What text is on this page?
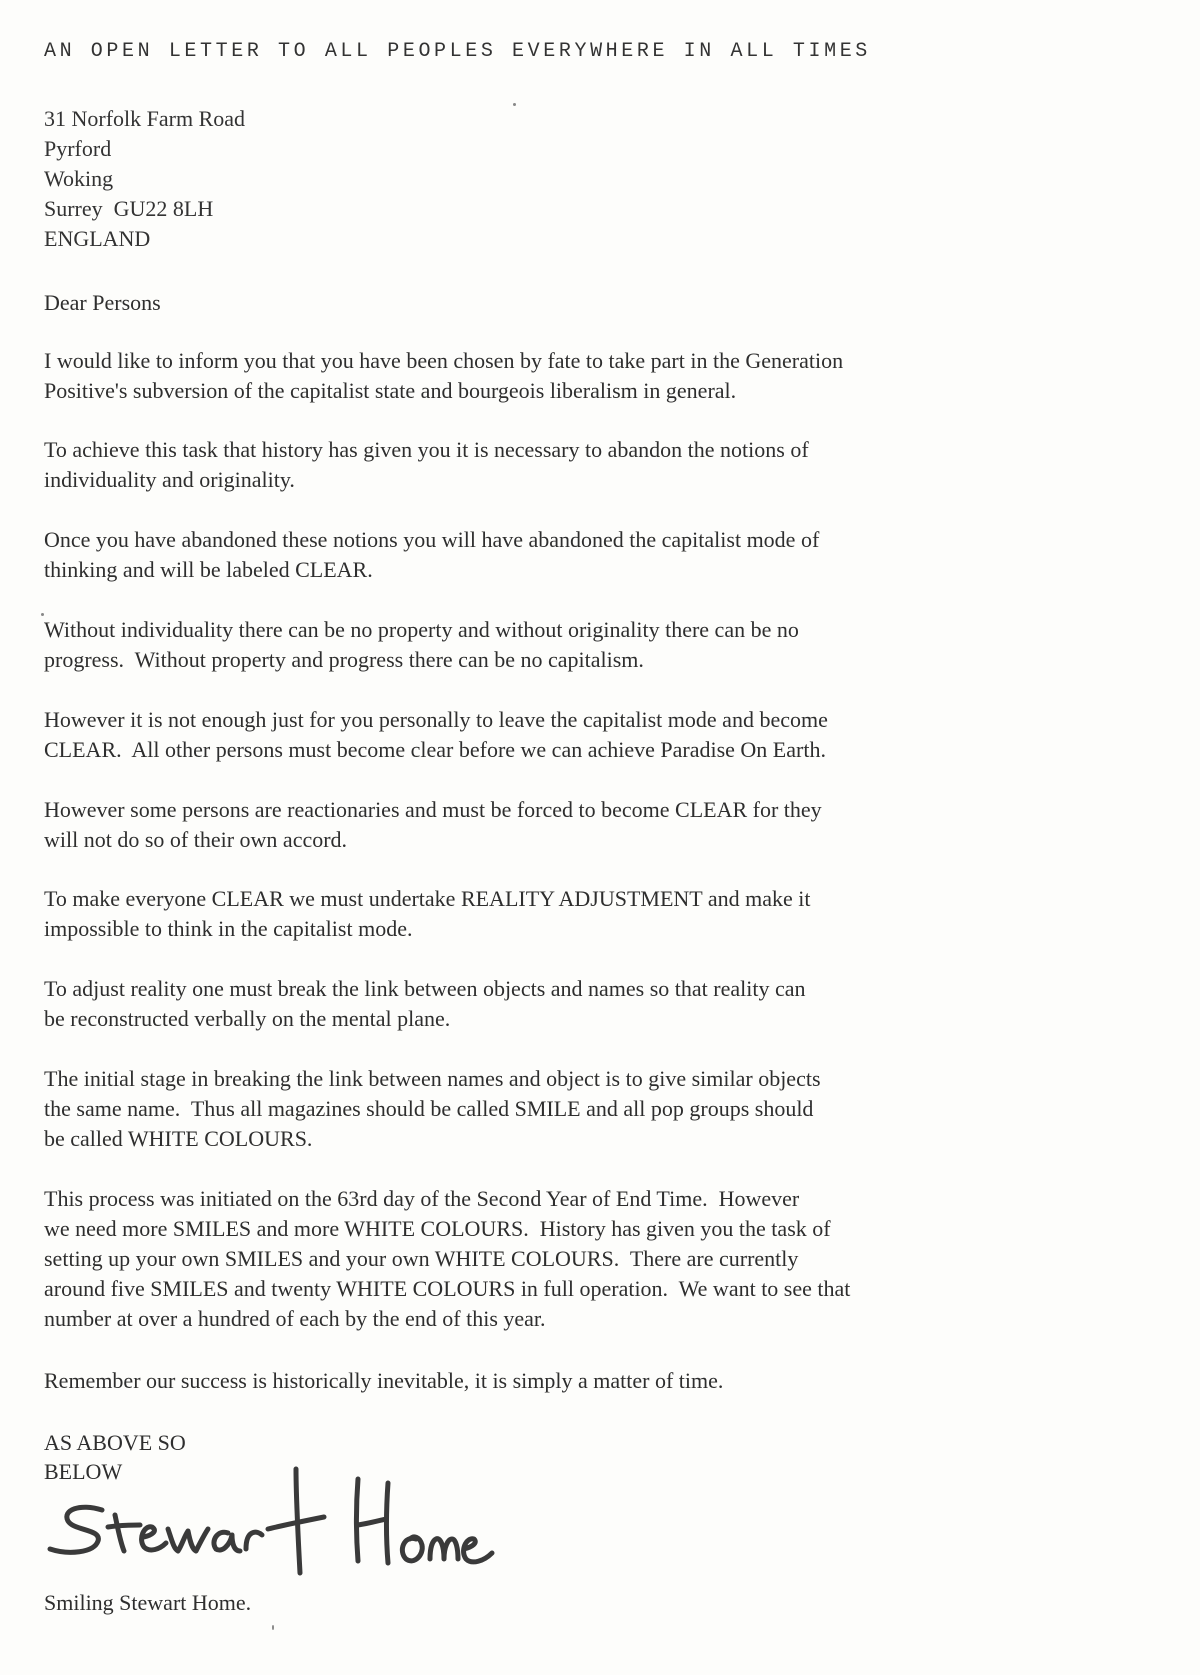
AN OPEN LETTER TO ALL PEOPLES EVERYWHERE IN ALL TIMES
31 Norfolk Farm Road
Pyrford
Woking
Surrey  GU22 8LH
ENGLAND
Dear Persons
I would like to inform you that you have been chosen by fate to take part in the Generation
Positive's subversion of the capitalist state and bourgeois liberalism in general.
To achieve this task that history has given you it is necessary to abandon the notions of
individuality and originality.
Once you have abandoned these notions you will have abandoned the capitalist mode of
thinking and will be labeled CLEAR.
Without individuality there can be no property and without originality there can be no
progress.  Without property and progress there can be no capitalism.
However it is not enough just for you personally to leave the capitalist mode and become
CLEAR.  All other persons must become clear before we can achieve Paradise On Earth.
However some persons are reactionaries and must be forced to become CLEAR for they
will not do so of their own accord.
To make everyone CLEAR we must undertake REALITY ADJUSTMENT and make it
impossible to think in the capitalist mode.
To adjust reality one must break the link between objects and names so that reality can
be reconstructed verbally on the mental plane.
The initial stage in breaking the link between names and object is to give similar objects
the same name.  Thus all magazines should be called SMILE and all pop groups should
be called WHITE COLOURS.
This process was initiated on the 63rd day of the Second Year of End Time.  However
we need more SMILES and more WHITE COLOURS.  History has given you the task of
setting up your own SMILES and your own WHITE COLOURS.  There are currently
around five SMILES and twenty WHITE COLOURS in full operation.  We want to see that
number at over a hundred of each by the end of this year.
Remember our success is historically inevitable, it is simply a matter of time.
AS ABOVE SO
BELOW
Smiling Stewart Home.
